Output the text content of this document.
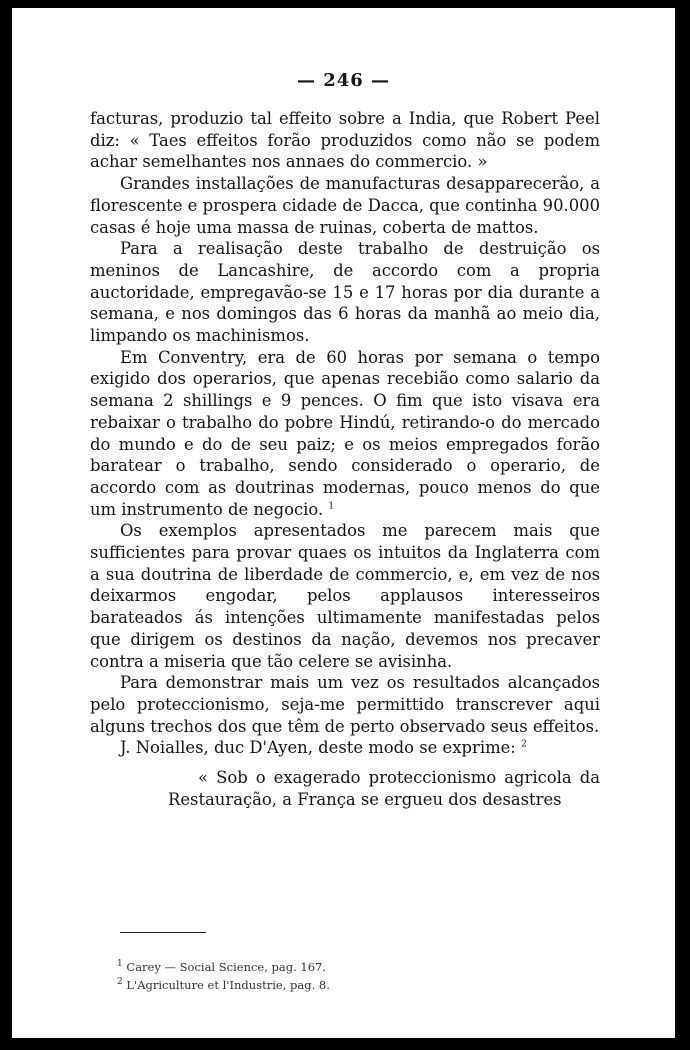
— 246 —

facturas, produzio tal effeito sobre a India, que Robert Peel diz: « Taes effeitos forão produzidos como não se podem achar semelhantes nos annaes do commercio. »

Grandes installações de manufacturas desapparecerão, a florescente e prospera cidade de Dacca, que continha 90.000 casas é hoje uma massa de ruinas, coberta de mattos.

Para a realisação deste trabalho de destruição os meninos de Lancashire, de accordo com a propria auctoridade, empregavão-se 15 e 17 horas por dia durante a semana, e nos domingos das 6 horas da manhã ao meio dia, limpando os machinismos.

Em Conventry, era de 60 horas por semana o tempo exigido dos operarios, que apenas recebião como salario da semana 2 shillings e 9 pences. O fim que isto visava era rebaixar o trabalho do pobre Hindú, retirando-o do mercado do mundo e do de seu paiz; e os meios empregados forão baratear o trabalho, sendo considerado o operario, de accordo com as doutrinas modernas, pouco menos do que um instrumento de negocio. $^1$

Os exemplos apresentados me parecem mais que sufficientes para provar quaes os intuitos da Inglaterra com a sua doutrina de liberdade de commercio, e, em vez de nos deixarmos engodar, pelos applausos interesseiros barateados ás intenções ultimamente manifestadas pelos que dirigem os destinos da nação, devemos nos precaver contra a miseria que tão celere se avisinha.

Para demonstrar mais um vez os resultados alcançados pelo proteccionismo, seja-me permittido transcrever aqui alguns trechos dos que têm de perto observado seus effeitos.

J. Noialles, duc D'Ayen, deste modo se exprime: $^2$

« Sob o exagerado proteccionismo agricola da Restauração, a França se ergueu dos desastres

$^1$ Carey — Social Science, pag. 167.
$^2$ L'Agriculture et l'Industrie, pag. 8.
